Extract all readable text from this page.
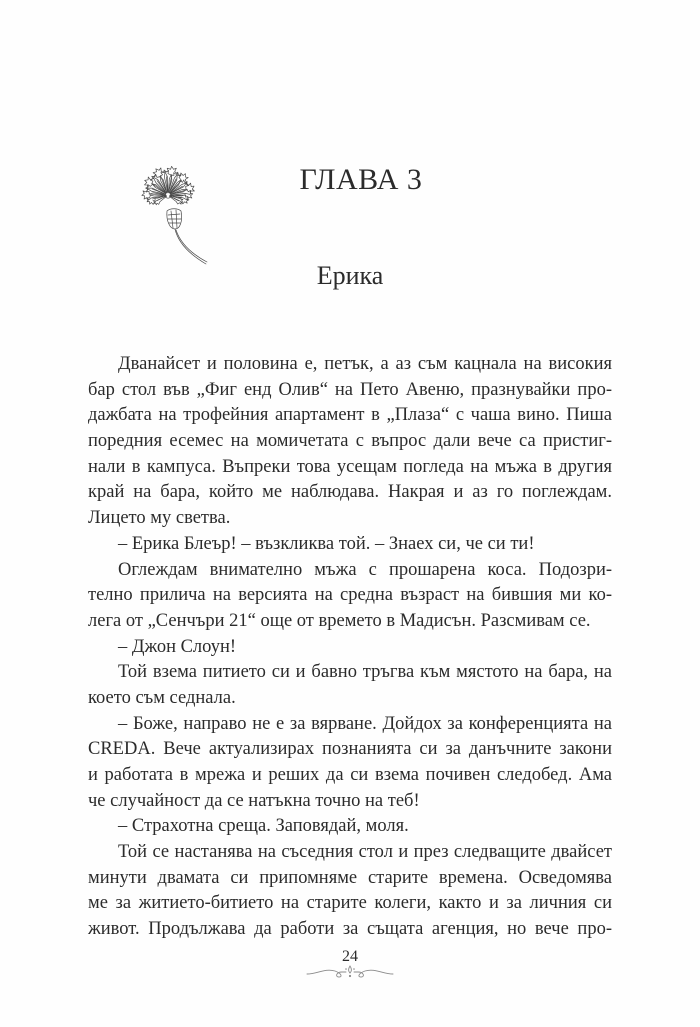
ГЛАВА 3
Ерика
Дванайсет и половина е, петък, а аз съм кацнала на високия
бар стол във „Фиг енд Олив“ на Пето Авеню, празнувайки про-
дажбата на трофейния апартамент в „Плаза“ с чаша вино. Пиша
поредния есемес на момичетата с въпрос дали вече са пристиг-
нали в кампуса. Въпреки това усещам погледа на мъжа в другия
край на бара, който ме наблюдава. Накрая и аз го поглеждам.
Лицето му светва.
– Ерика Блеър! – възкликва той. – Знаех си, че си ти!
Оглеждам внимателно мъжа с прошарена коса. Подозри-
телно прилича на версията на средна възраст на бившия ми ко-
лега от „Сенчъри 21“ още от времето в Мадисън. Разсмивам се.
– Джон Слоун!
Той взема питието си и бавно тръгва към мястото на бара, на
което съм седнала.
– Боже, направо не е за вярване. Дойдох за конференцията на
CREDA. Вече актуализирах познанията си за данъчните закони
и работата в мрежа и реших да си взема почивен следобед. Ама
че случайност да се натъкна точно на теб!
– Страхотна среща. Заповядай, моля.
Той се настанява на съседния стол и през следващите двайсет
минути двамата си припомняме старите времена. Осведомява
ме за житието-битието на старите колеги, както и за личния си
живот. Продължава да работи за същата агенция, но вече про-
24
